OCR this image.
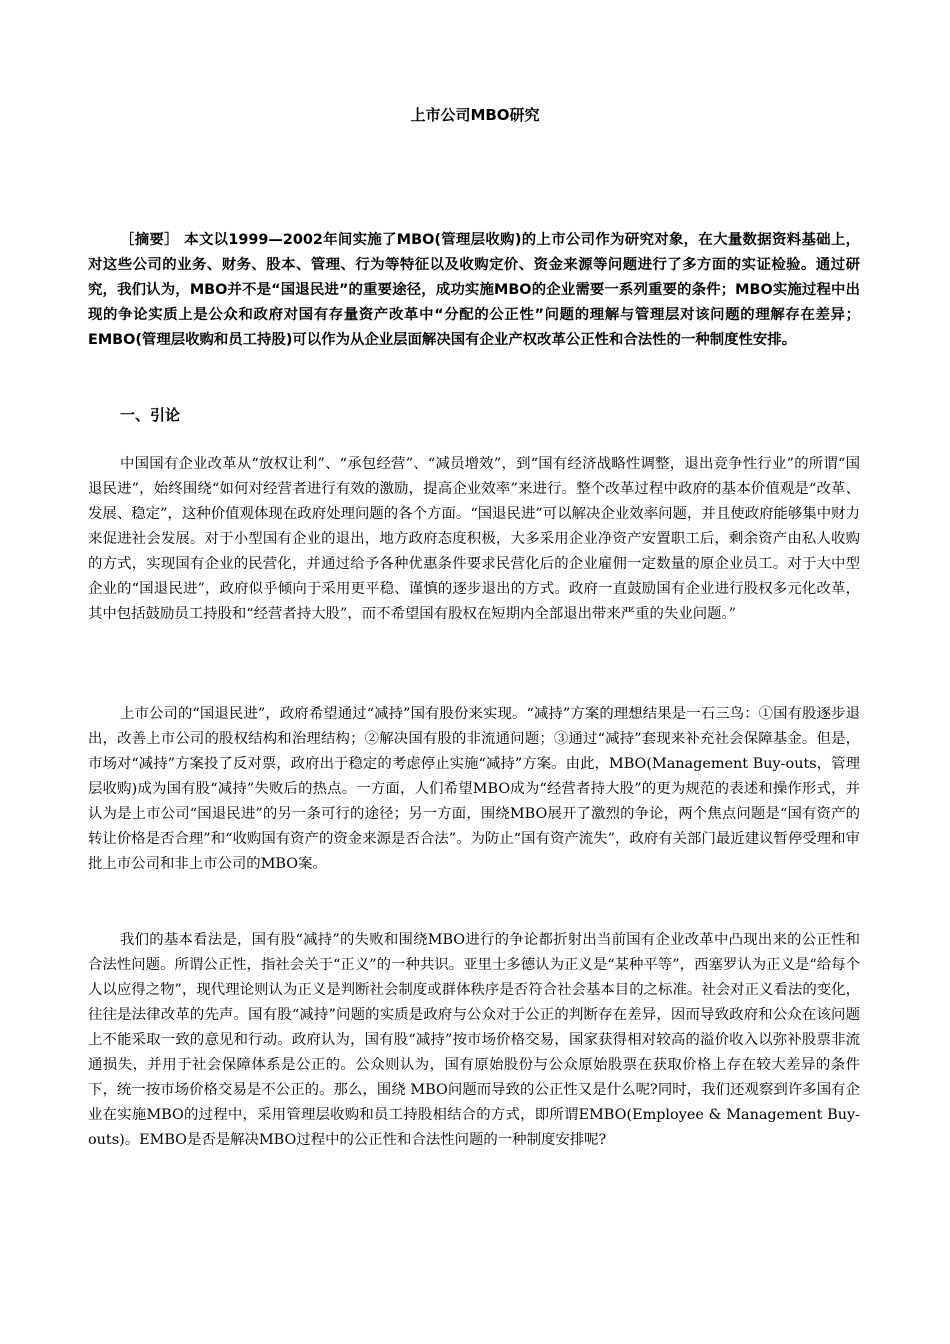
上市公司MBO研究

［摘要］ 本文以1999—2002年间实施了MBO(管理层收购)的上市公司作为研究对象，在大量数据资料基础上，对这些公司的业务、财务、股本、管理、行为等特征以及收购定价、资金来源等问题进行了多方面的实证检验。通过研究，我们认为，MBO并不是“国退民进”的重要途径，成功实施MBO的企业需要一系列重要的条件；MBO实施过程中出现的争论实质上是公众和政府对国有存量资产改革中“分配的公正性”问题的理解与管理层对该问题的理解存在差异；EMBO(管理层收购和员工持股)可以作为从企业层面解决国有企业产权改革公正性和合法性的一种制度性安排。

一、引论

中国国有企业改革从“放权让利”、“承包经营”、“减员增效”，到“国有经济战略性调整，退出竞争性行业”的所谓“国退民进”，始终围绕“如何对经营者进行有效的激励，提高企业效率”来进行。整个改革过程中政府的基本价值观是“改革、发展、稳定”，这种价值观体现在政府处理问题的各个方面。“国退民进”可以解决企业效率问题，并且使政府能够集中财力来促进社会发展。对于小型国有企业的退出，地方政府态度积极，大多采用企业净资产安置职工后，剩余资产由私人收购的方式，实现国有企业的民营化，并通过给予各种优惠条件要求民营化后的企业雇佣一定数量的原企业员工。对于大中型企业的“国退民进”，政府似乎倾向于采用更平稳、谨慎的逐步退出的方式。政府一直鼓励国有企业进行股权多元化改革，其中包括鼓励员工持股和“经营者持大股”，而不希望国有股权在短期内全部退出带来严重的失业问题。”

上市公司的“国退民进”，政府希望通过“减持”国有股份来实现。“减持”方案的理想结果是一石三鸟：①国有股逐步退出，改善上市公司的股权结构和治理结构；②解决国有股的非流通问题；③通过“减持”套现来补充社会保障基金。但是，市场对“减持”方案投了反对票，政府出于稳定的考虑停止实施“减持”方案。由此，MBO(Management Buy-outs，管理层收购)成为国有股“减持”失败后的热点。一方面，人们希望MBO成为“经营者持大股”的更为规范的表述和操作形式，并认为是上市公司“国退民进”的另一条可行的途径；另一方面，围绕MBO展开了激烈的争论，两个焦点问题是“国有资产的转让价格是否合理”和“收购国有资产的资金来源是否合法”。为防止“国有资产流失”，政府有关部门最近建议暂停受理和审批上市公司和非上市公司的MBO案。

我们的基本看法是，国有股“减持”的失败和围绕MBO进行的争论都折射出当前国有企业改革中凸现出来的公正性和合法性问题。所谓公正性，指社会关于“正义”的一种共识。亚里士多德认为正义是“某种平等”，西塞罗认为正义是“给每个人以应得之物”，现代理论则认为正义是判断社会制度或群体秩序是否符合社会基本目的之标准。社会对正义看法的变化，往往是法律改革的先声。国有股“减持”问题的实质是政府与公众对于公正的判断存在差异，因而导致政府和公众在该问题上不能采取一致的意见和行动。政府认为，国有股“减持”按市场价格交易，国家获得相对较高的溢价收入以弥补股票非流通损失，并用于社会保障体系是公正的。公众则认为，国有原始股份与公众原始股票在获取价格上存在较大差异的条件下，统一按市场价格交易是不公正的。那么，围绕 MBO问题而导致的公正性又是什么呢?同时，我们还观察到许多国有企业在实施MBO的过程中，采用管理层收购和员工持股相结合的方式，即所谓EMBO(Employee & Management Buy-outs)。EMBO是否是解决MBO过程中的公正性和合法性问题的一种制度安排呢?
